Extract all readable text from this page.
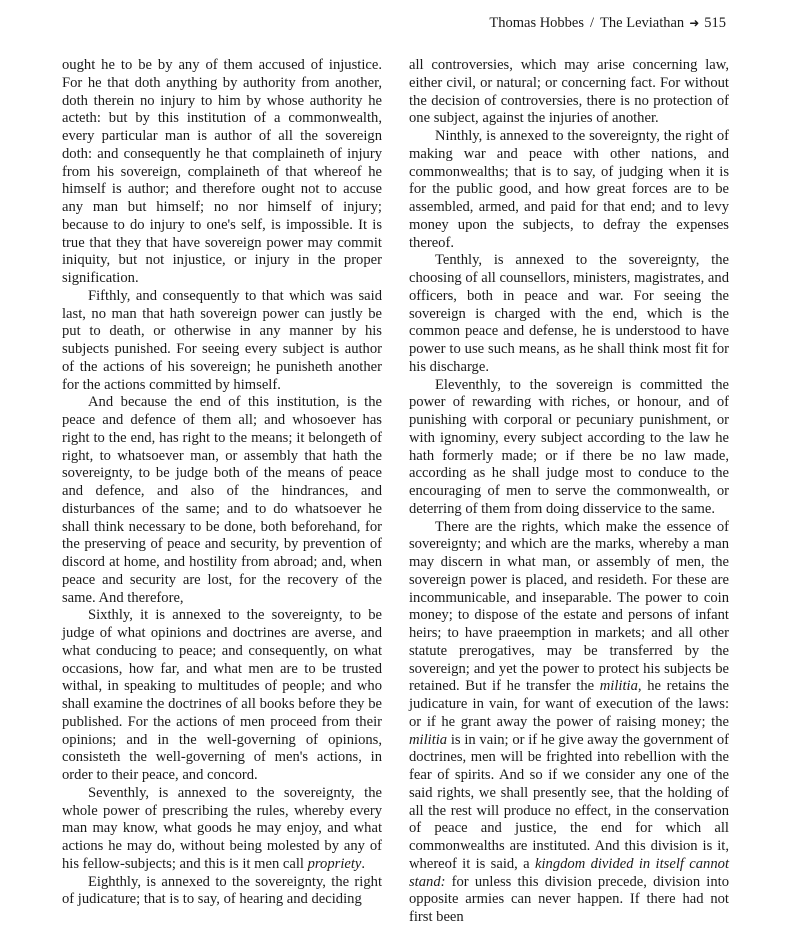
Thomas Hobbes / The Leviathan ➜ 515

ought he to be by any of them accused of injustice. For he that doth anything by authority from another, doth therein no injury to him by whose authority he acteth: but by this institution of a commonwealth, every particular man is author of all the sovereign doth: and consequently he that complaineth of injury from his sovereign, complaineth of that whereof he himself is author; and therefore ought not to accuse any man but himself; no nor himself of injury; because to do injury to one's self, is impossible. It is true that they that have sovereign power may commit iniquity, but not injustice, or injury in the proper signification.

Fifthly, and consequently to that which was said last, no man that hath sovereign power can justly be put to death, or otherwise in any manner by his subjects punished. For seeing every subject is author of the actions of his sovereign; he punisheth another for the actions committed by himself.

And because the end of this institution, is the peace and defence of them all; and whosoever has right to the end, has right to the means; it belongeth of right, to whatsoever man, or assembly that hath the sovereignty, to be judge both of the means of peace and defence, and also of the hindrances, and disturbances of the same; and to do whatsoever he shall think necessary to be done, both beforehand, for the preserving of peace and security, by prevention of discord at home, and hostility from abroad; and, when peace and security are lost, for the recovery of the same. And therefore,

Sixthly, it is annexed to the sovereignty, to be judge of what opinions and doctrines are averse, and what conducing to peace; and consequently, on what occasions, how far, and what men are to be trusted withal, in speaking to multitudes of people; and who shall examine the doctrines of all books before they be published. For the actions of men proceed from their opinions; and in the well-governing of opinions, consisteth the well-governing of men's actions, in order to their peace, and concord.

Seventhly, is annexed to the sovereignty, the whole power of prescribing the rules, whereby every man may know, what goods he may enjoy, and what actions he may do, without being molested by any of his fellow-subjects; and this is it men call propriety.

Eighthly, is annexed to the sovereignty, the right of judicature; that is to say, of hearing and deciding

all controversies, which may arise concerning law, either civil, or natural; or concerning fact. For without the decision of controversies, there is no protection of one subject, against the injuries of another.

Ninthly, is annexed to the sovereignty, the right of making war and peace with other nations, and commonwealths; that is to say, of judging when it is for the public good, and how great forces are to be assembled, armed, and paid for that end; and to levy money upon the subjects, to defray the expenses thereof.

Tenthly, is annexed to the sovereignty, the choosing of all counsellors, ministers, magistrates, and officers, both in peace and war. For seeing the sovereign is charged with the end, which is the common peace and defense, he is understood to have power to use such means, as he shall think most fit for his discharge.

Eleventhly, to the sovereign is committed the power of rewarding with riches, or honour, and of punishing with corporal or pecuniary punishment, or with ignominy, every subject according to the law he hath formerly made; or if there be no law made, according as he shall judge most to conduce to the encouraging of men to serve the commonwealth, or deterring of them from doing disservice to the same.

There are the rights, which make the essence of sovereignty; and which are the marks, whereby a man may discern in what man, or assembly of men, the sovereign power is placed, and resideth. For these are incommunicable, and inseparable. The power to coin money; to dispose of the estate and persons of infant heirs; to have praeemption in markets; and all other statute prerogatives, may be transferred by the sovereign; and yet the power to protect his subjects be retained. But if he transfer the militia, he retains the judicature in vain, for want of execution of the laws: or if he grant away the power of raising money; the militia is in vain; or if he give away the government of doctrines, men will be frighted into rebellion with the fear of spirits. And so if we consider any one of the said rights, we shall presently see, that the holding of all the rest will produce no effect, in the conservation of peace and justice, the end for which all commonwealths are instituted. And this division is it, whereof it is said, a kingdom divided in itself cannot stand: for unless this division precede, division into opposite armies can never happen. If there had not first been
